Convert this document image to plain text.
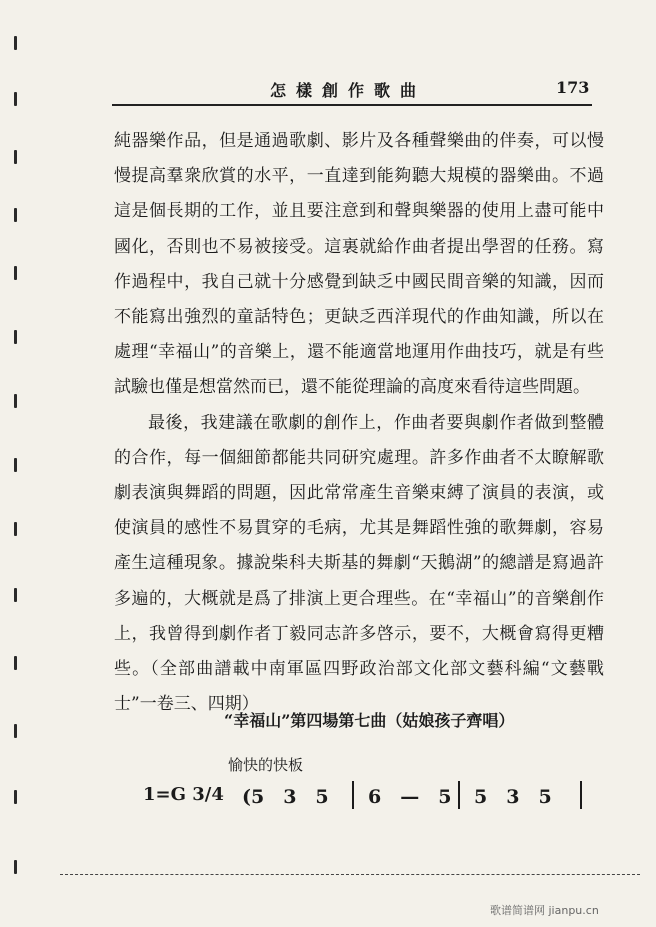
怎樣創作歌曲	173

純器樂作品，但是通過歌劇、影片及各種聲樂曲的伴奏，可以慢慢提高羣衆欣賞的水平，一直達到能夠聽大規模的器樂曲。不過這是個長期的工作，並且要注意到和聲與樂器的使用上盡可能中國化，否則也不易被接受。這裏就給作曲者提出學習的任務。寫作過程中，我自己就十分感覺到缺乏中國民間音樂的知識，因而不能寫出強烈的童話特色；更缺乏西洋現代的作曲知識，所以在處理“幸福山”的音樂上，還不能適當地運用作曲技巧，就是有些試驗也僅是想當然而已，還不能從理論的高度來看待這些問題。

最後，我建議在歌劇的創作上，作曲者要與劇作者做到整體的合作，每一個細節都能共同研究處理。許多作曲者不太瞭解歌劇表演與舞蹈的問題，因此常常產生音樂束縛了演員的表演，或使演員的感性不易貫穿的毛病，尤其是舞蹈性強的歌舞劇，容易產生這種現象。據說柴科夫斯基的舞劇“天鵝湖”的總譜是寫過許多遍的，大概就是爲了排演上更合理些。在“幸福山”的音樂創作上，我曾得到劇作者丁毅同志許多啓示，要不，大概會寫得更糟些。（全部曲譜載中南軍區四野政治部文化部文藝科編“文藝戰士”一卷三、四期）

“幸福山”第四場第七曲（姑娘孩子齊唱）
愉快的快板
1=G 3/4 (5　3　5 6　—　5 5　3　5
歌谱简谱网 jianpu.cn
